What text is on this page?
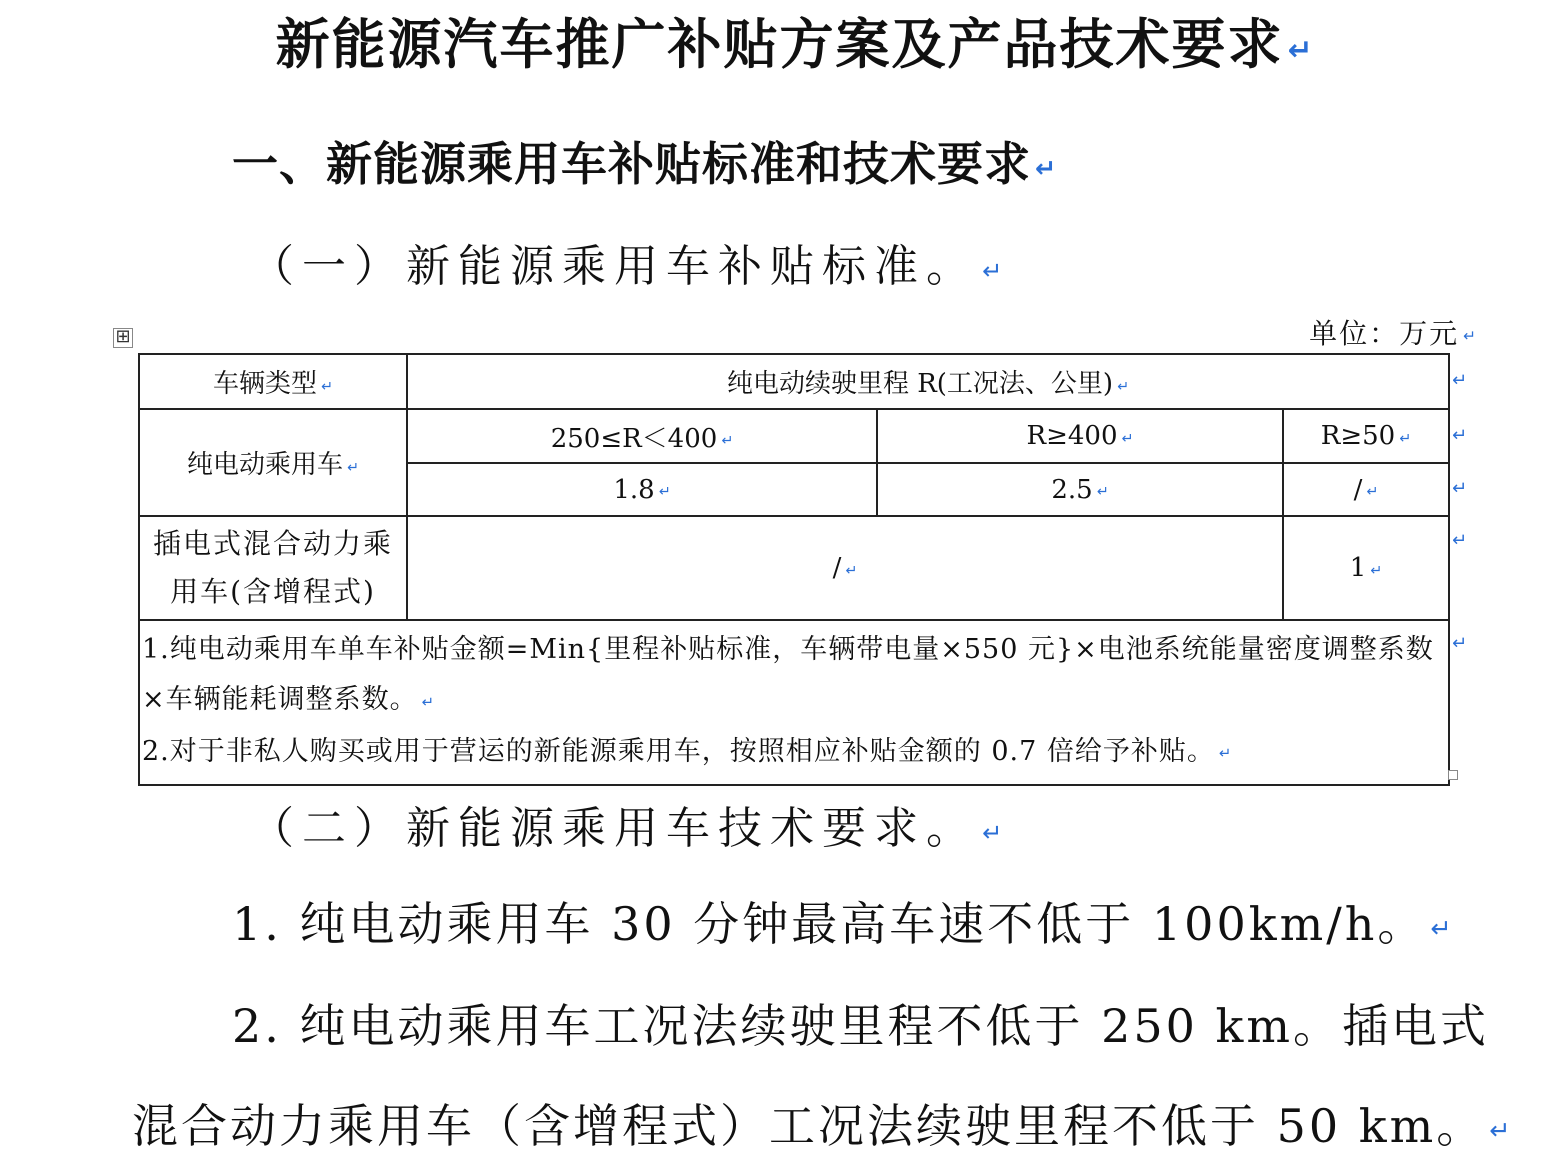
新能源汽车推广补贴方案及产品技术要求 ↵
一、新能源乘用车补贴标准和技术要求 ↵
（一）新能源乘用车补贴标准。 ↵
单位：万元 ↵
⊞
车辆类型 ↵	纯电动续驶里程 R(工况法、公里) ↵		
纯电动乘用车 ↵	250≤R＜400 ↵	R≥400 ↵	R≥50 ↵
	1.8 ↵	2.5 ↵	/ ↵
插电式混合动力乘用车(含增程式)	/ ↵		1 ↵

1.纯电动乘用车单车补贴金额=Min{里程补贴标准，车辆带电量×550 元}×电池系统能量密度调整系数×车辆能耗调整系数。 ↵
2.对于非私人购买或用于营运的新能源乘用车，按照相应补贴金额的 0.7 倍给予补贴。 ↵			
↵
↵
↵
↵
↵
（二）新能源乘用车技术要求。 ↵
1. 纯电动乘用车 30 分钟最高车速不低于 100km/h。 ↵
2. 纯电动乘用车工况法续驶里程不低于 250 km。插电式
混合动力乘用车（含增程式）工况法续驶里程不低于 50 km。 ↵
